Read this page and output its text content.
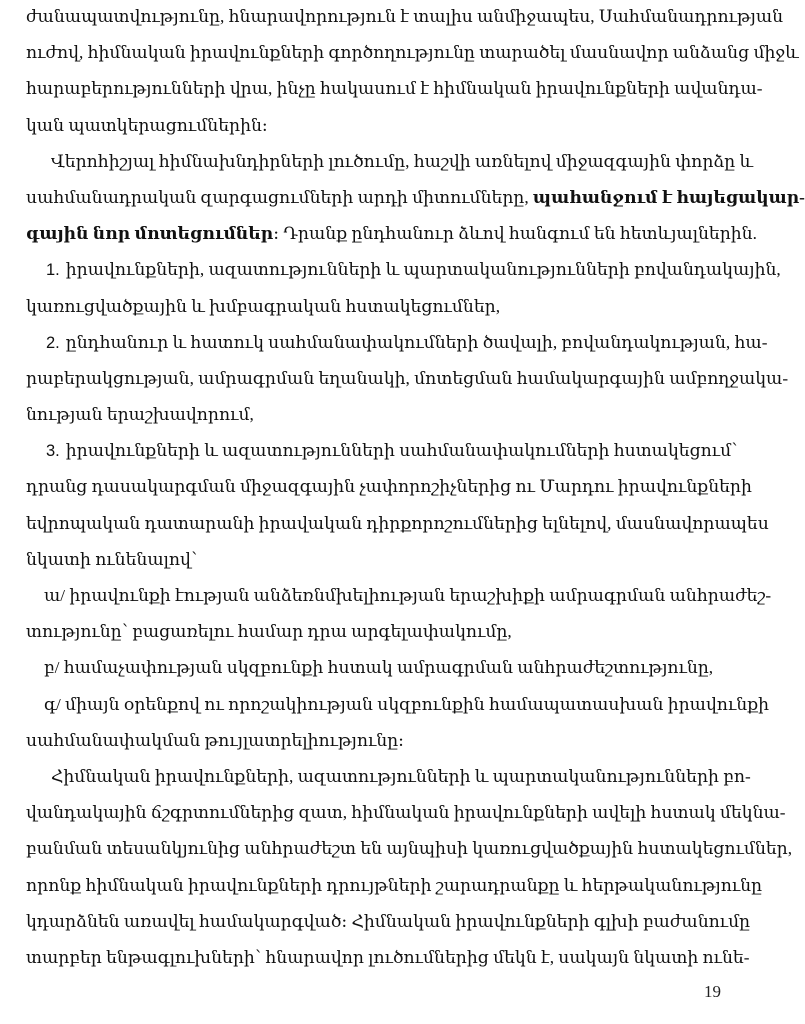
ժանապատվությունը, հնարավորություն է տալիս անմիջապես, Սահմանադրության
ուժով, հիմնական իրավունքների գործողությունը տարածել մասնավոր անձանց միջև
հարաբերությունների վրա, ինչը հակասում է հիմնական իրավունքների ավանդա-
կան պատկերացումներին։
Վերոհիշյալ հիմնախնդիրների լուծումը, հաշվի առնելով միջազգային փորձը և
սահմանադրական զարգացումների արդի միտումները, պահանջում է հայեցակար-
գային նոր մոտեցումներ։ Դրանք ընդհանուր ձևով հանգում են հետևյալներին.
1. իրավունքների, ազատությունների և պարտականությունների բովանդակային,
կառուցվածքային և խմբագրական հստակեցումներ,
2. ընդհանուր և հատուկ սահմանափակումների ծավալի, բովանդակության, հա-
րաբերակցության, ամրագրման եղանակի, մոտեցման համակարգային ամբողջակա-
նության երաշխավորում,
3. իրավունքների և ազատությունների սահմանափակումների հստակեցում՝
դրանց դասակարգման միջազգային չափորոշիչներից ու Մարդու իրավունքների
եվրոպական դատարանի իրավական դիրքորոշումներից ելնելով, մասնավորապես
նկատի ունենալով՝
ա/ իրավունքի էության անձեռնմխելիության երաշխիքի ամրագրման անհրաժեշ-
տությունը՝ բացառելու համար դրա արգելափակումը,
բ/ համաչափության սկզբունքի հստակ ամրագրման անհրաժեշտությունը,
գ/ միայն օրենքով ու որոշակիության սկզբունքին համապատասխան իրավունքի
սահմանափակման թույլատրելիությունը։
Հիմնական իրավունքների, ազատությունների և պարտականությունների բո-
վանդակային ճշգրտումներից զատ, հիմնական իրավունքների ավելի հստակ մեկնա-
բանման տեսանկյունից անհրաժեշտ են այնպիսի կառուցվածքային հստակեցումներ,
որոնք հիմնական իրավունքների դրույթների շարադրանքը և հերթականությունը
կդարձնեն առավել համակարգված։ Հիմնական իրավունքների գլխի բաժանումը
տարբեր ենթագլուխների՝ հնարավոր լուծումներից մեկն է, սակայն նկատի ունե-
19
